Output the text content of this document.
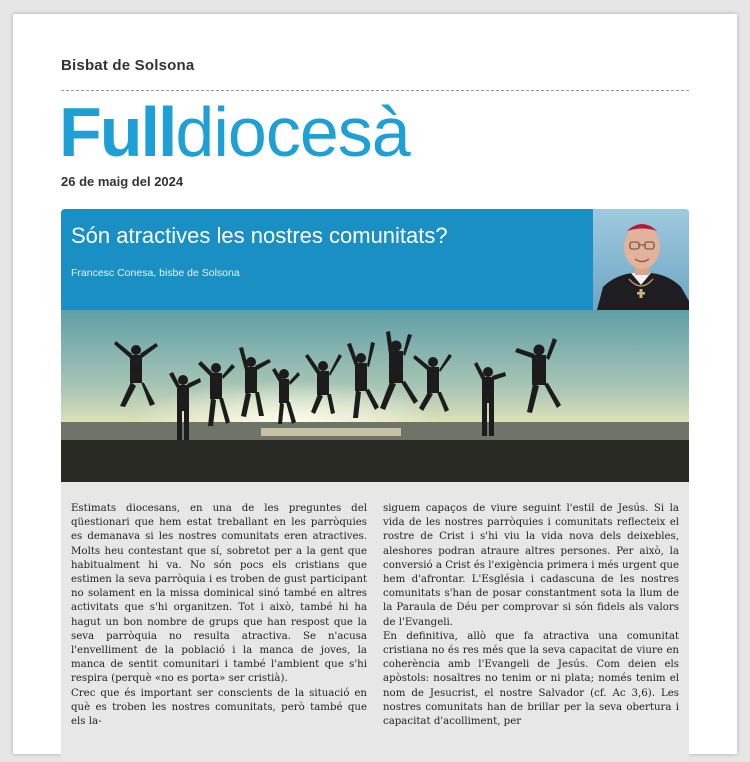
Bisbat de Solsona
Fulldiocesà
26 de maig del 2024
Són atractives les nostres comunitats?
Francesc Conesa, bisbe de Solsona

Estimats diocesans, en una de les preguntes del qüestionari que hem estat treballant en les parròquies es demanava si les nostres comunitats eren atractives. Molts heu contestant que sí, sobretot per a la gent que habitualment hi va. No són pocs els cristians que estimen la seva parròquia i es troben de gust participant no solament en la missa dominical sinó també en altres activitats que s'hi organitzen. Tot i això, també hi ha hagut un bon nombre de grups que han respost que la seva parròquia no resulta atractiva. Se n'acusa l'envelliment de la població i la manca de joves, la manca de sentit comunitari i també l'ambient que s'hi respira (perquè «no es porta» ser cristià).

Crec que és important ser conscients de la situació en què es troben les nostres comunitats, però també que els la-

siguem capaços de viure seguint l'estil de Jesús. Si la vida de les nostres parròquies i comunitats reflecteix el rostre de Crist i s'hi viu la vida nova dels deixebles, aleshores podran atraure altres persones. Per això, la conversió a Crist és l'exigència primera i més urgent que hem d'afrontar. L'Església i cadascuna de les nostres comunitats s'han de posar constantment sota la llum de la Paraula de Déu per comprovar si són fidels als valors de l'Evangeli.

En definitiva, allò que fa atractiva una comunitat cristiana no és res més que la seva capacitat de viure en coherència amb l'Evangeli de Jesús. Com deien els apòstols: nosaltres no tenim or ni plata; només tenim el nom de Jesucrist, el nostre Salvador (cf. Ac 3,6). Les nostres comunitats han de brillar per la seva obertura i capacitat d'acolliment, per
